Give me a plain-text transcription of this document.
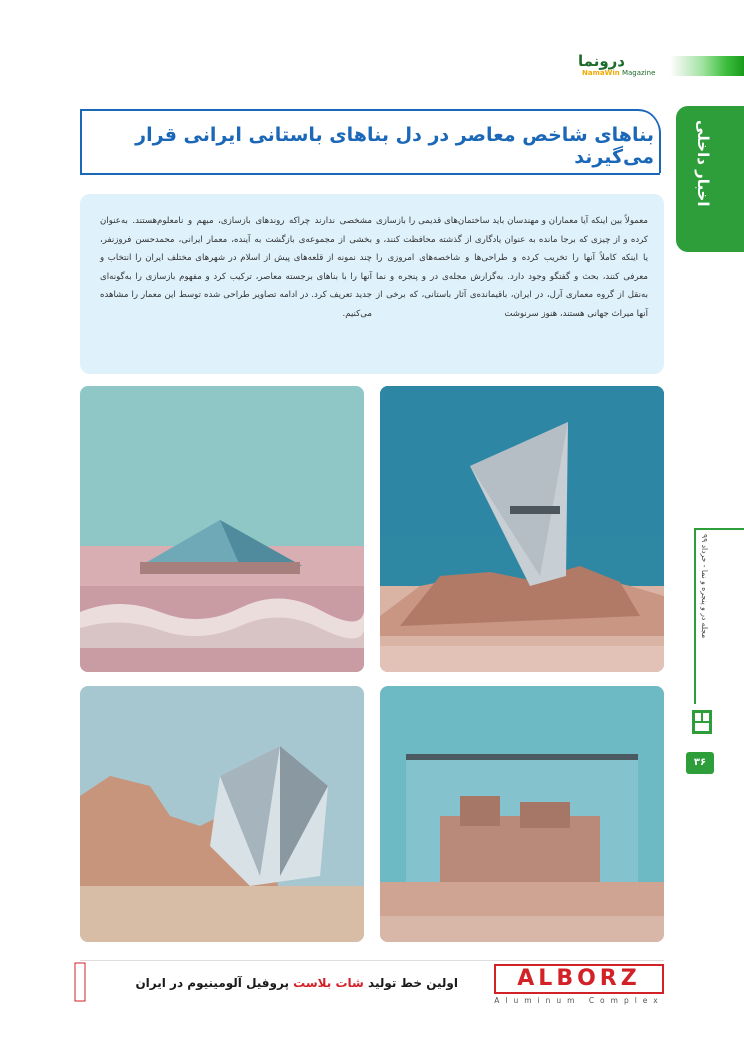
درونما
NamaWin Magazine
بناهای شاخص معاصر در دل بناهای باستانی ایرانی قرار می‌گیرند	اخبار داخلی
معمولاً بین اینکه آیا معماران و مهندسان باید ساختمان‌های قدیمی را بازسازی کرده و از چیزی که برجا مانده به عنوان یادگاری از گذشته محافظت کنند، و یا اینکه کاملاً آنها را تخریب کرده و طراحی‌ها و شاخصه‌های امروزی را معرفی کنند، بحث و گفتگو وجود دارد. به‌گزارش مجله‌ی در و پنجره و نما به‌نقل از گروه معماری آرل، در ایران، باقیمانده‌ی آثار باستانی، که برخی از آنها میراث جهانی هستند، هنوز سرنوشت
مشخصی ندارند چراکه روندهای بازسازی، مبهم و نامعلوم‌هستند. به‌عنوان بخشی از مجموعه‌ی بازگشت به آینده، معمار ایرانی، محمدحسن فروزنفر، چند نمونه از قلعه‌های پیش از اسلام در شهرهای مختلف ایران را انتخاب و آنها را با بناهای برجسته معاصر، ترکیب کرد و مفهوم بازسازی را به‌گونه‌ای جدید تعریف کرد. در ادامه تصاویر طراحی شده توسط این معمار را مشاهده می‌کنیم.
مجله در و پنجره و نما - خرداد ۹۹
۳۶
اولین خط تولید شات بلاست پروفیل آلومینیوم در ایران	ALBORZ
Aluminum Complex
